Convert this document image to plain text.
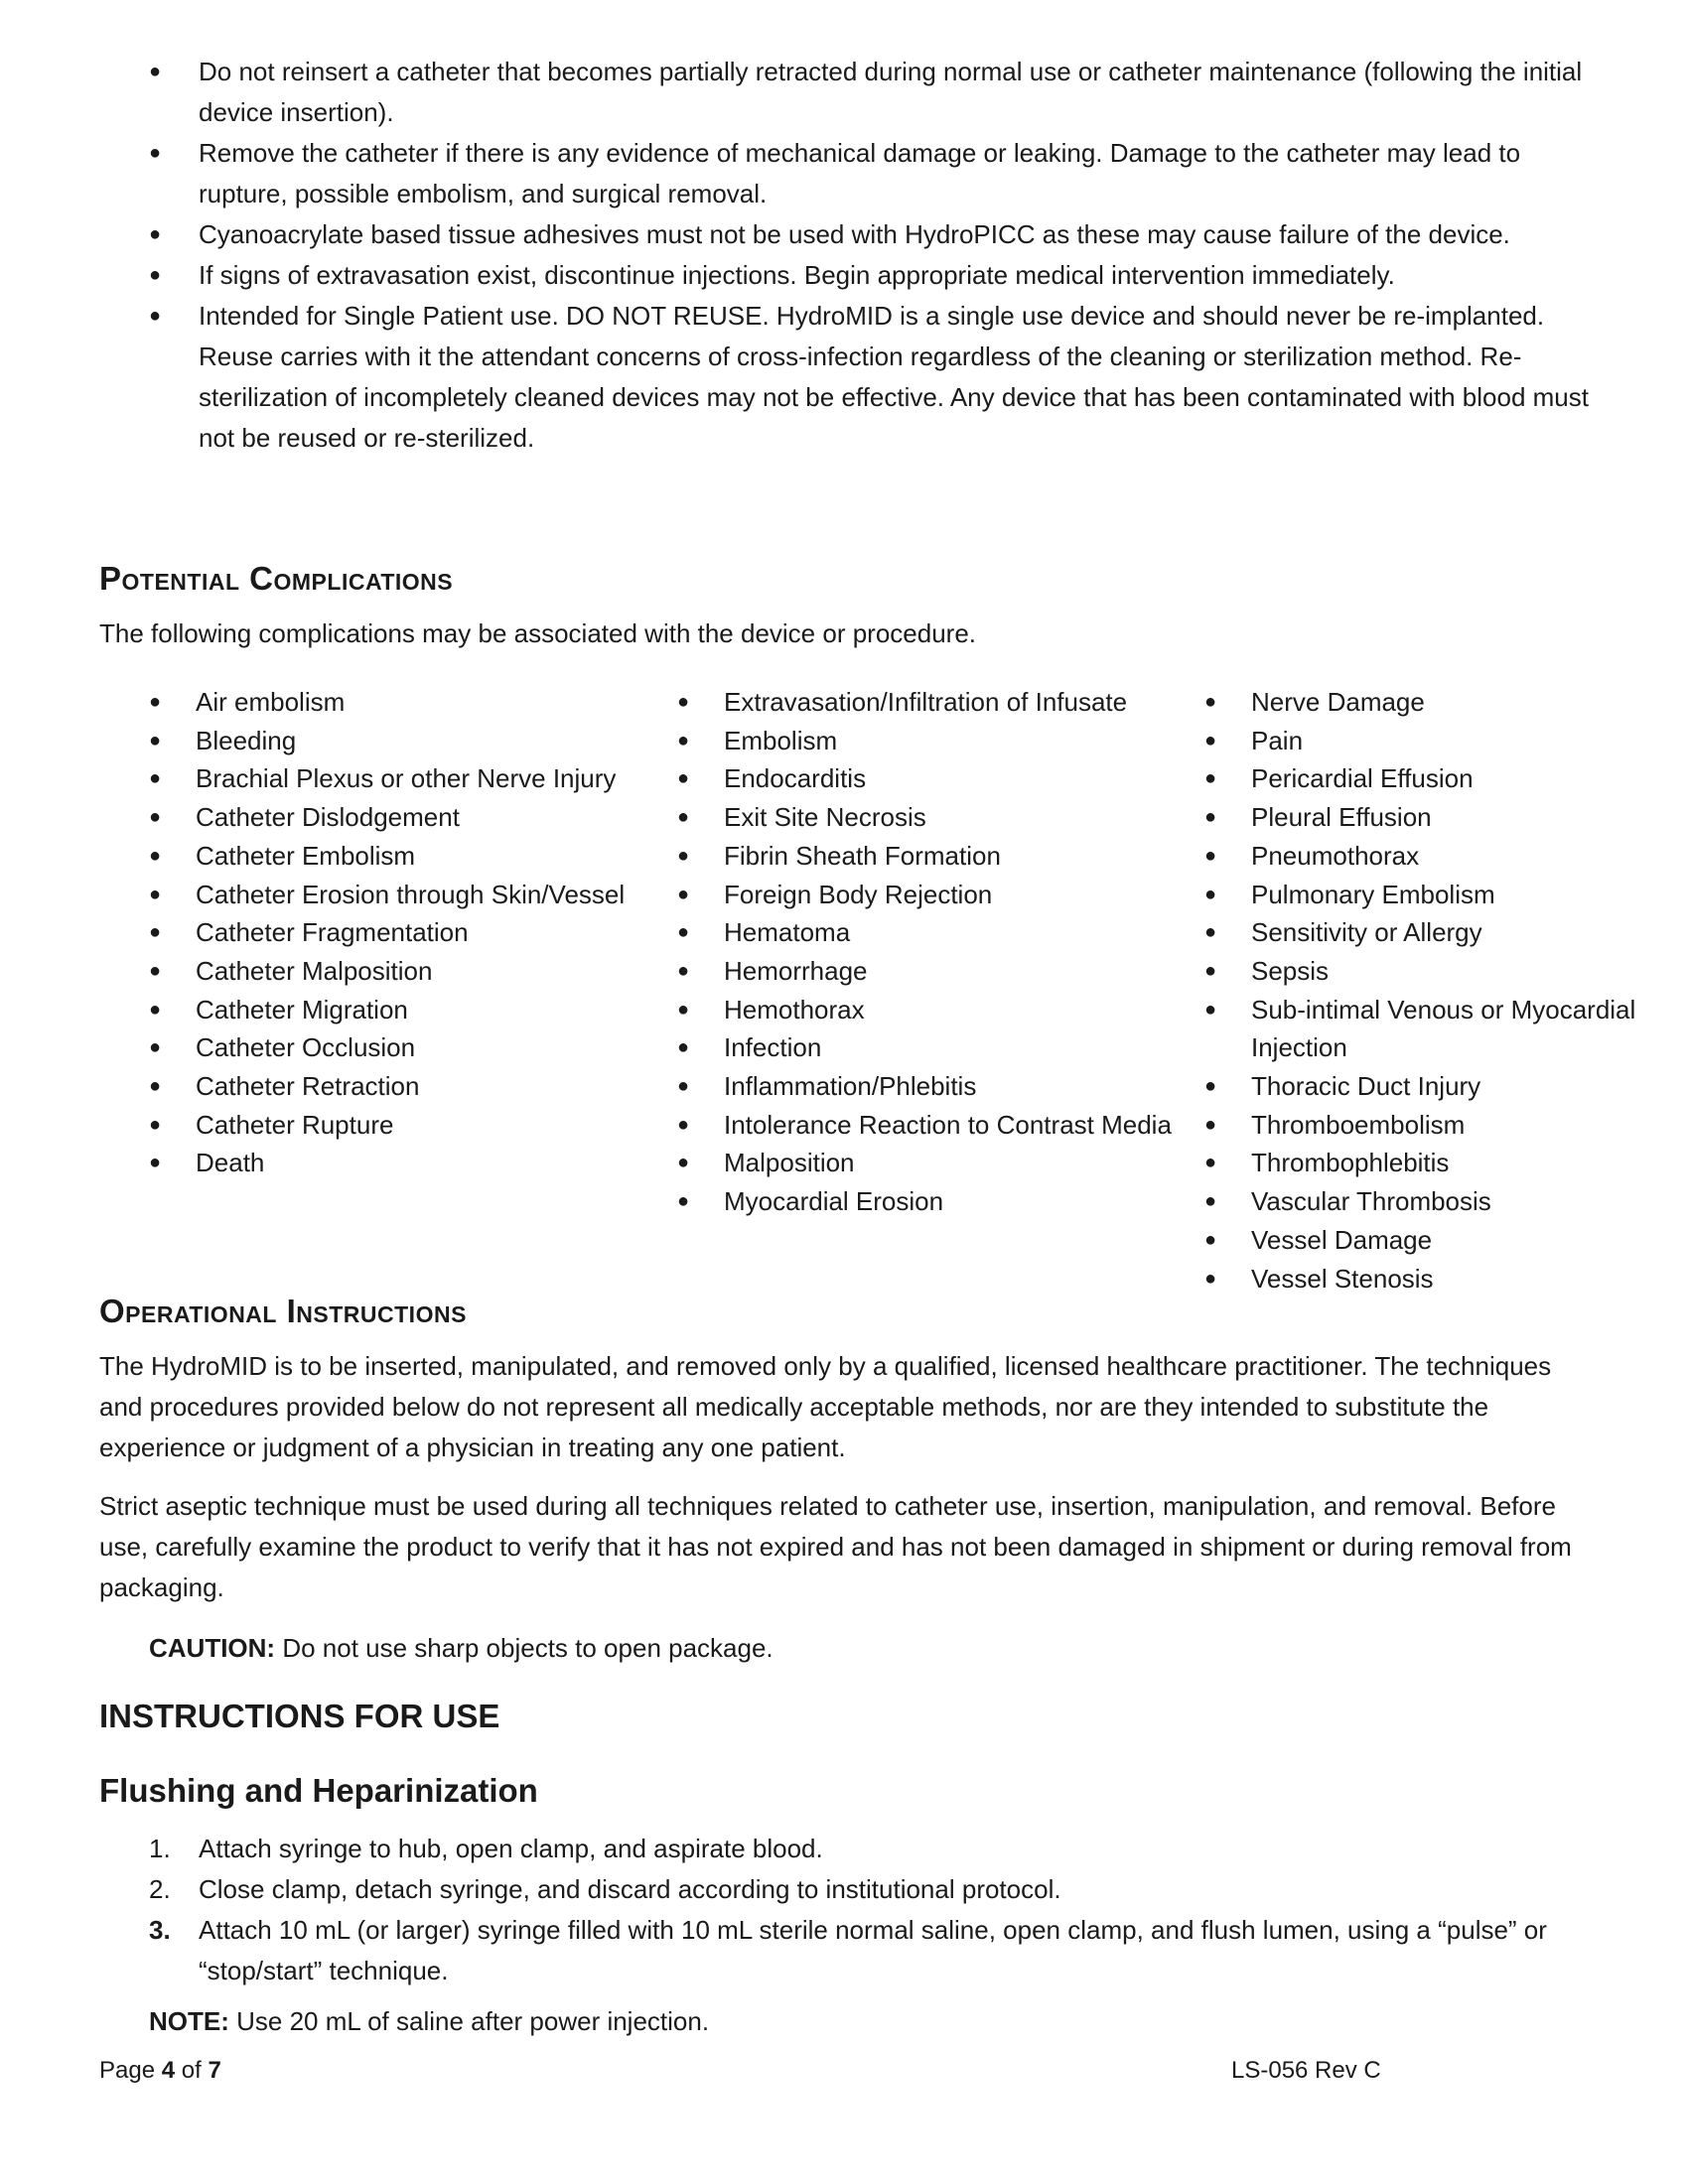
● Do not reinsert a catheter that becomes partially retracted during normal use or catheter maintenance (following the initial device insertion).
● Remove the catheter if there is any evidence of mechanical damage or leaking. Damage to the catheter may lead to rupture, possible embolism, and surgical removal.
● Cyanoacrylate based tissue adhesives must not be used with HydroPICC as these may cause failure of the device.
● If signs of extravasation exist, discontinue injections. Begin appropriate medical intervention immediately.
● Intended for Single Patient use. DO NOT REUSE. HydroMID is a single use device and should never be re-implanted. Reuse carries with it the attendant concerns of cross-infection regardless of the cleaning or sterilization method. Re-sterilization of incompletely cleaned devices may not be effective. Any device that has been contaminated with blood must not be reused or re-sterilized.
Potential Complications

The following complications may be associated with the device or procedure.

● Air embolism
● Bleeding
● Brachial Plexus or other Nerve Injury
● Catheter Dislodgement
● Catheter Embolism
● Catheter Erosion through Skin/Vessel
● Catheter Fragmentation
● Catheter Malposition
● Catheter Migration
● Catheter Occlusion
● Catheter Retraction
● Catheter Rupture
● Death
● Extravasation/Infiltration of Infusate
● Embolism
● Endocarditis
● Exit Site Necrosis
● Fibrin Sheath Formation
● Foreign Body Rejection
● Hematoma
● Hemorrhage
● Hemothorax
● Infection
● Inflammation/Phlebitis
● Intolerance Reaction to Contrast Media
● Malposition
● Myocardial Erosion
● Nerve Damage
● Pain
● Pericardial Effusion
● Pleural Effusion
● Pneumothorax
● Pulmonary Embolism
● Sensitivity or Allergy
● Sepsis
● Sub-intimal Venous or Myocardial Injection
● Thoracic Duct Injury
● Thromboembolism
● Thrombophlebitis
● Vascular Thrombosis
● Vessel Damage
● Vessel Stenosis
Operational Instructions

The HydroMID is to be inserted, manipulated, and removed only by a qualified, licensed healthcare practitioner. The techniques and procedures provided below do not represent all medically acceptable methods, nor are they intended to substitute the experience or judgment of a physician in treating any one patient.

Strict aseptic technique must be used during all techniques related to catheter use, insertion, manipulation, and removal. Before use, carefully examine the product to verify that it has not expired and has not been damaged in shipment or during removal from packaging.

CAUTION: Do not use sharp objects to open package.

INSTRUCTIONS FOR USE
Flushing and Heparinization
1. Attach syringe to hub, open clamp, and aspirate blood.
2. Close clamp, detach syringe, and discard according to institutional protocol.
3. Attach 10 mL (or larger) syringe filled with 10 mL sterile normal saline, open clamp, and flush lumen, using a “pulse” or “stop/start” technique.

NOTE: Use 20 mL of saline after power injection.

Page 4 of 7	LS-056 Rev C
